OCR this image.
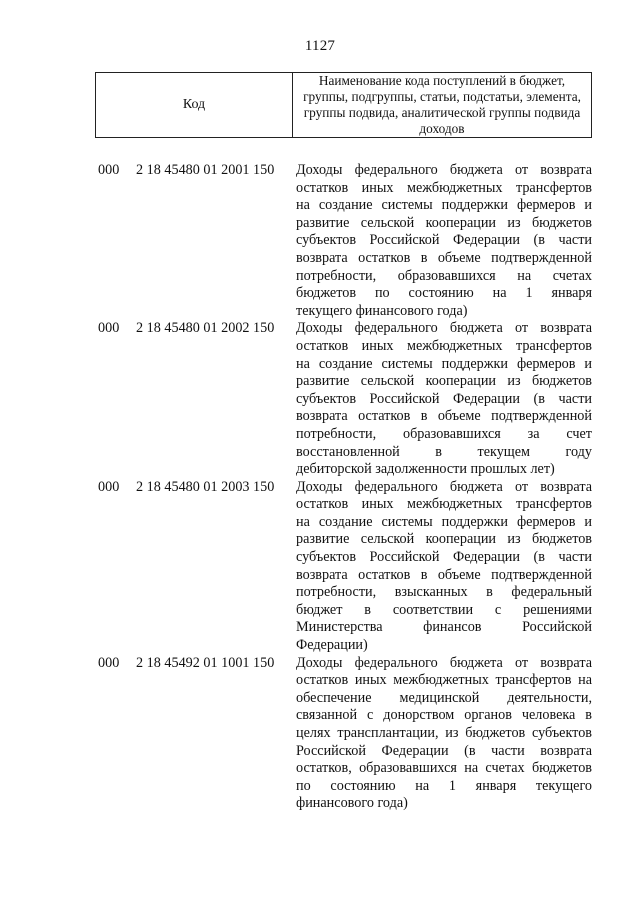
1127
Код
Наименование кода поступлений в бюджет, группы, подгруппы, статьи, подстатьи, элемента, группы подвида, аналитической группы подвида доходов
000	2 18 45480 01 2001 150	Доходы федерального бюджета от возврата
остатков иных межбюджетных трансфертов
на создание системы поддержки фермеров и
развитие сельской кооперации из бюджетов
субъектов Российской Федерации (в части
возврата остатков в объеме подтвержденной
потребности, образовавшихся на счетах
бюджетов по состоянию на 1 января
текущего финансового года)
000	2 18 45480 01 2002 150	Доходы федерального бюджета от возврата
остатков иных межбюджетных трансфертов
на создание системы поддержки фермеров и
развитие сельской кооперации из бюджетов
субъектов Российской Федерации (в части
возврата остатков в объеме подтвержденной
потребности, образовавшихся за счет
восстановленной в текущем году
дебиторской задолженности прошлых лет)
000	2 18 45480 01 2003 150	Доходы федерального бюджета от возврата
остатков иных межбюджетных трансфертов
на создание системы поддержки фермеров и
развитие сельской кооперации из бюджетов
субъектов Российской Федерации (в части
возврата остатков в объеме подтвержденной
потребности, взысканных в федеральный
бюджет в соответствии с решениями
Министерства финансов Российской
Федерации)
000	2 18 45492 01 1001 150	Доходы федерального бюджета от возврата
остатков иных межбюджетных трансфертов на
обеспечение медицинской деятельности,
связанной с донорством органов человека в
целях трансплантации, из бюджетов субъектов
Российской Федерации (в части возврата
остатков, образовавшихся на счетах бюджетов
по состоянию на 1 января текущего
финансового года)
